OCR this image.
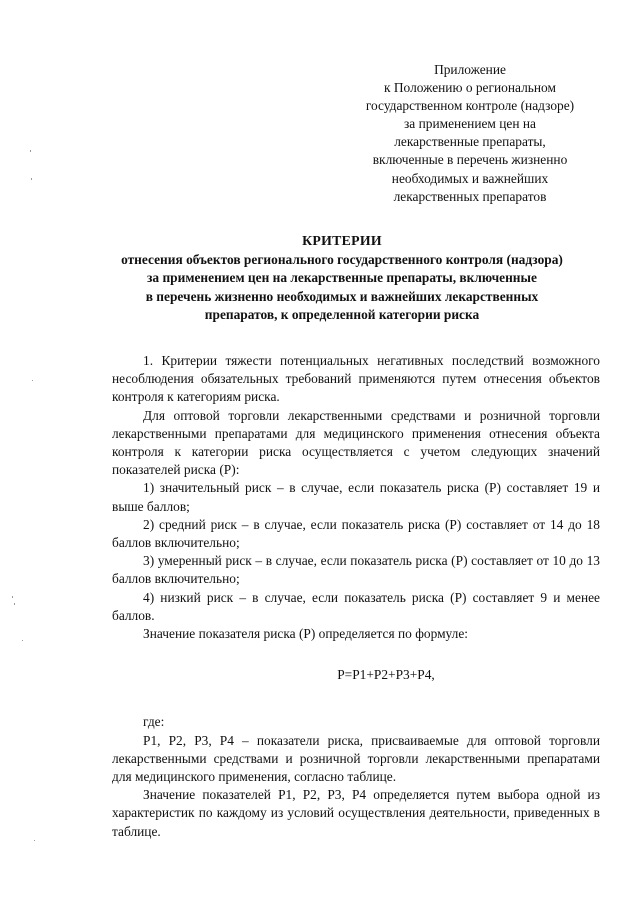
Приложение
к Положению о региональном
государственном контроле (надзоре)
за применением цен на
лекарственные препараты,
включенные в перечень жизненно
необходимых и важнейших
лекарственных препаратов
КРИТЕРИИ
отнесения объектов регионального государственного контроля (надзора)
за применением цен на лекарственные препараты, включенные
в перечень жизненно необходимых и важнейших лекарственных
препаратов, к определенной категории риска

1. Критерии тяжести потенциальных негативных последствий возможного несоблюдения обязательных требований применяются путем отнесения объектов контроля к категориям риска.

Для оптовой торговли лекарственными средствами и розничной торговли лекарственными препаратами для медицинского применения отнесения объекта контроля к категории риска осуществляется с учетом следующих значений показателей риска (Р):

1) значительный риск – в случае, если показатель риска (Р) составляет 19 и выше баллов;

2) средний риск – в случае, если показатель риска (Р) составляет от 14 до 18 баллов включительно;

3) умеренный риск – в случае, если показатель риска (Р) составляет от 10 до 13 баллов включительно;

4) низкий риск – в случае, если показатель риска (Р) составляет 9 и менее баллов.

Значение показателя риска (Р) определяется по формуле:

Р=Р1+Р2+Р3+Р4,

где:

Р1, Р2, Р3, Р4 – показатели риска, присваиваемые для оптовой торговли лекарственными средствами и розничной торговли лекарственными препаратами для медицинского применения, согласно таблице.

Значение показателей Р1, Р2, Р3, Р4 определяется путем выбора одной из характеристик по каждому из условий осуществления деятельности, приведенных в таблице.
